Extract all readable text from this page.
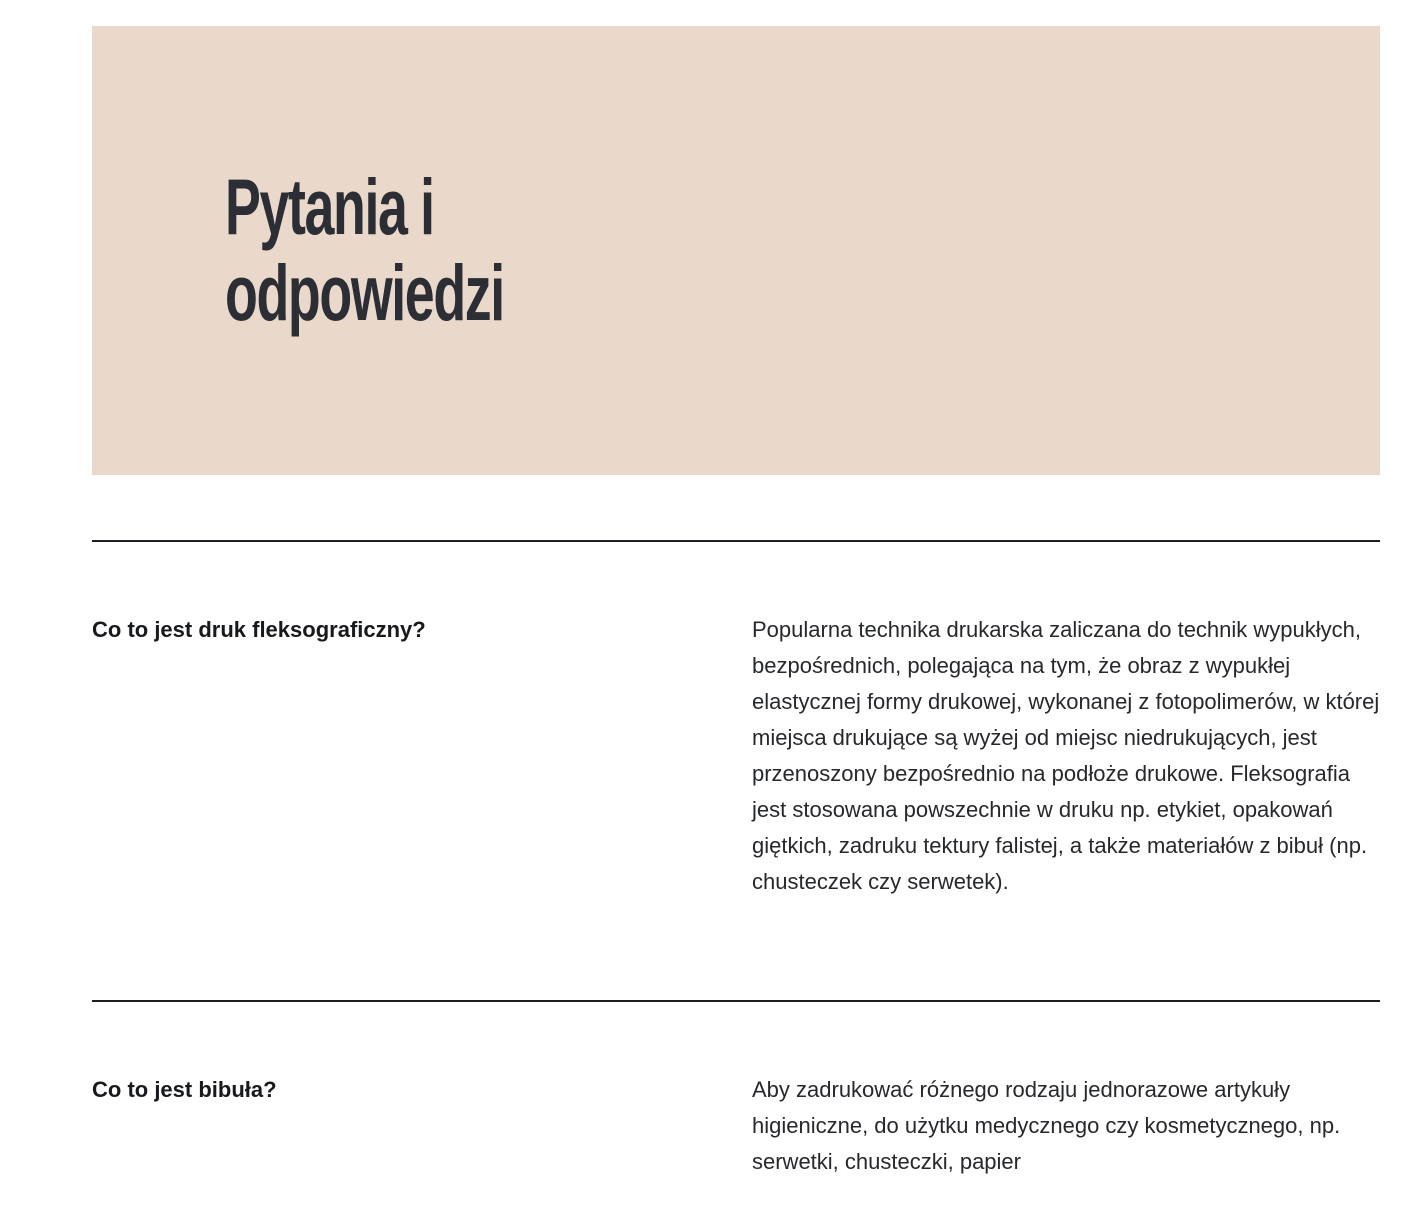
Pytania i odpowiedzi
Co to jest druk fleksograficzny?	Popularna technika drukarska zaliczana do technik wypukłych, bezpośrednich, polegająca na tym, że obraz z wypukłej elastycznej formy drukowej, wykonanej z fotopolimerów, w której miejsca drukujące są wyżej od miejsc niedrukujących, jest przenoszony bezpośrednio na podłoże drukowe. Fleksografia jest stosowana powszechnie w druku np. etykiet, opakowań giętkich, zadruku tektury falistej, a także materiałów z bibuł (np. chusteczek czy serwetek).
Co to jest bibuła?	Aby zadrukować różnego rodzaju jednorazowe artykuły higieniczne, do użytku medycznego czy kosmetycznego, np. serwetki, chusteczki, papier
